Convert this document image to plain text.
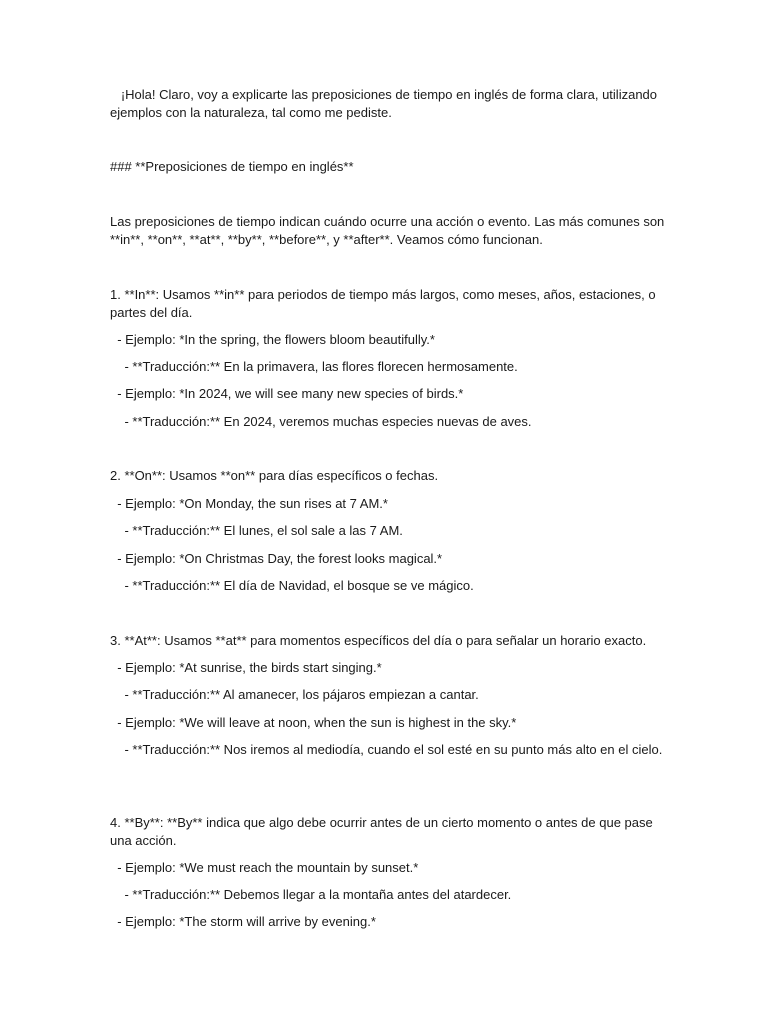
¡Hola! Claro, voy a explicarte las preposiciones de tiempo en inglés de forma clara, utilizando ejemplos con la naturaleza, tal como me pediste.

### **Preposiciones de tiempo en inglés**

Las preposiciones de tiempo indican cuándo ocurre una acción o evento. Las más comunes son **in**, **on**, **at**, **by**, **before**, y **after**. Veamos cómo funcionan.

1. **In**: Usamos **in** para periodos de tiempo más largos, como meses, años, estaciones, o partes del día.

- Ejemplo: *In the spring, the flowers bloom beautifully.*

- **Traducción:** En la primavera, las flores florecen hermosamente.

- Ejemplo: *In 2024, we will see many new species of birds.*

- **Traducción:** En 2024, veremos muchas especies nuevas de aves.

2. **On**: Usamos **on** para días específicos o fechas.

- Ejemplo: *On Monday, the sun rises at 7 AM.*

- **Traducción:** El lunes, el sol sale a las 7 AM.

- Ejemplo: *On Christmas Day, the forest looks magical.*

- **Traducción:** El día de Navidad, el bosque se ve mágico.

3. **At**: Usamos **at** para momentos específicos del día o para señalar un horario exacto.

- Ejemplo: *At sunrise, the birds start singing.*

- **Traducción:** Al amanecer, los pájaros empiezan a cantar.

- Ejemplo: *We will leave at noon, when the sun is highest in the sky.*

- **Traducción:** Nos iremos al mediodía, cuando el sol esté en su punto más alto en el cielo.

4. **By**: **By** indica que algo debe ocurrir antes de un cierto momento o antes de que pase una acción.

- Ejemplo: *We must reach the mountain by sunset.*

- **Traducción:** Debemos llegar a la montaña antes del atardecer.

- Ejemplo: *The storm will arrive by evening.*
